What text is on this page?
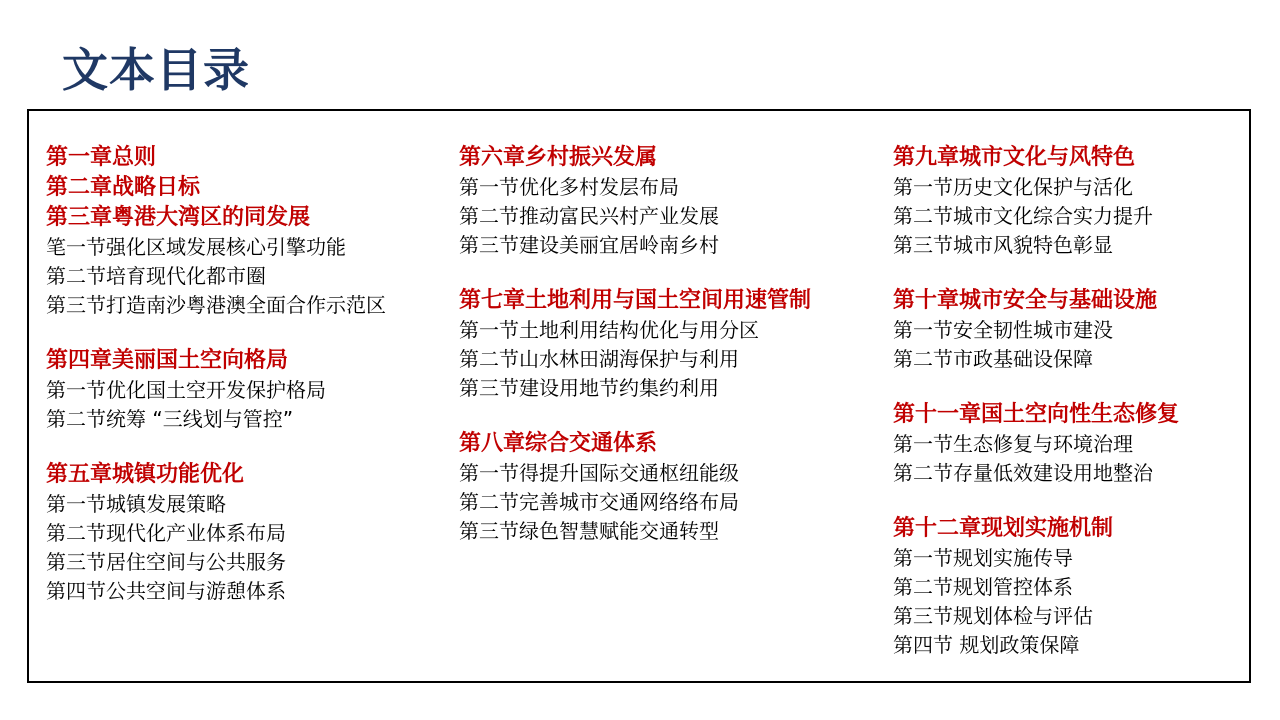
文本目录
第一章总则
第二章战略日标
第三章粤港大湾区的同发展
笔一节强化区域发展核心引擎功能
第二节培育现代化都市圈
第三节打造南沙粤港澳全面合作示范区
第四章美丽国土空向格局
第一节优化国土空开发保护格局
第二节统筹 “三线划与管控”
第五章城镇功能优化
第一节城镇发展策略
第二节现代化产业体系布局
第三节居住空间与公共服务
第四节公共空间与游憩体系
第六章乡村振兴发属
第一节优化多村发层布局
第二节推动富民兴村产业发展
第三节建设美丽宜居岭南乡村
第七章土地利用与国土空间用速管制
第一节土地利用结构优化与用分区
第二节山水林田湖海保护与利用
第三节建设用地节约集约利用
第八章综合交通体系
第一节得提升国际交通枢纽能级
第二节完善城市交通网络络布局
第三节绿色智慧赋能交通转型
第九章城市文化与风特色
第一节历史文化保护与活化
第二节城市文化综合实力提升
第三节城市风貌特色彰显
第十章城市安全与基础设施
第一节安全韧性城市建没
第二节市政基础设保障
第十一章国土空向性生态修复
第一节生态修复与环境治理
第二节存量低效建设用地整治
第十二章现划实施机制
第一节规划实施传导
第二节规划管控体系
第三节规划体检与评估
第四节 规划政策保障
